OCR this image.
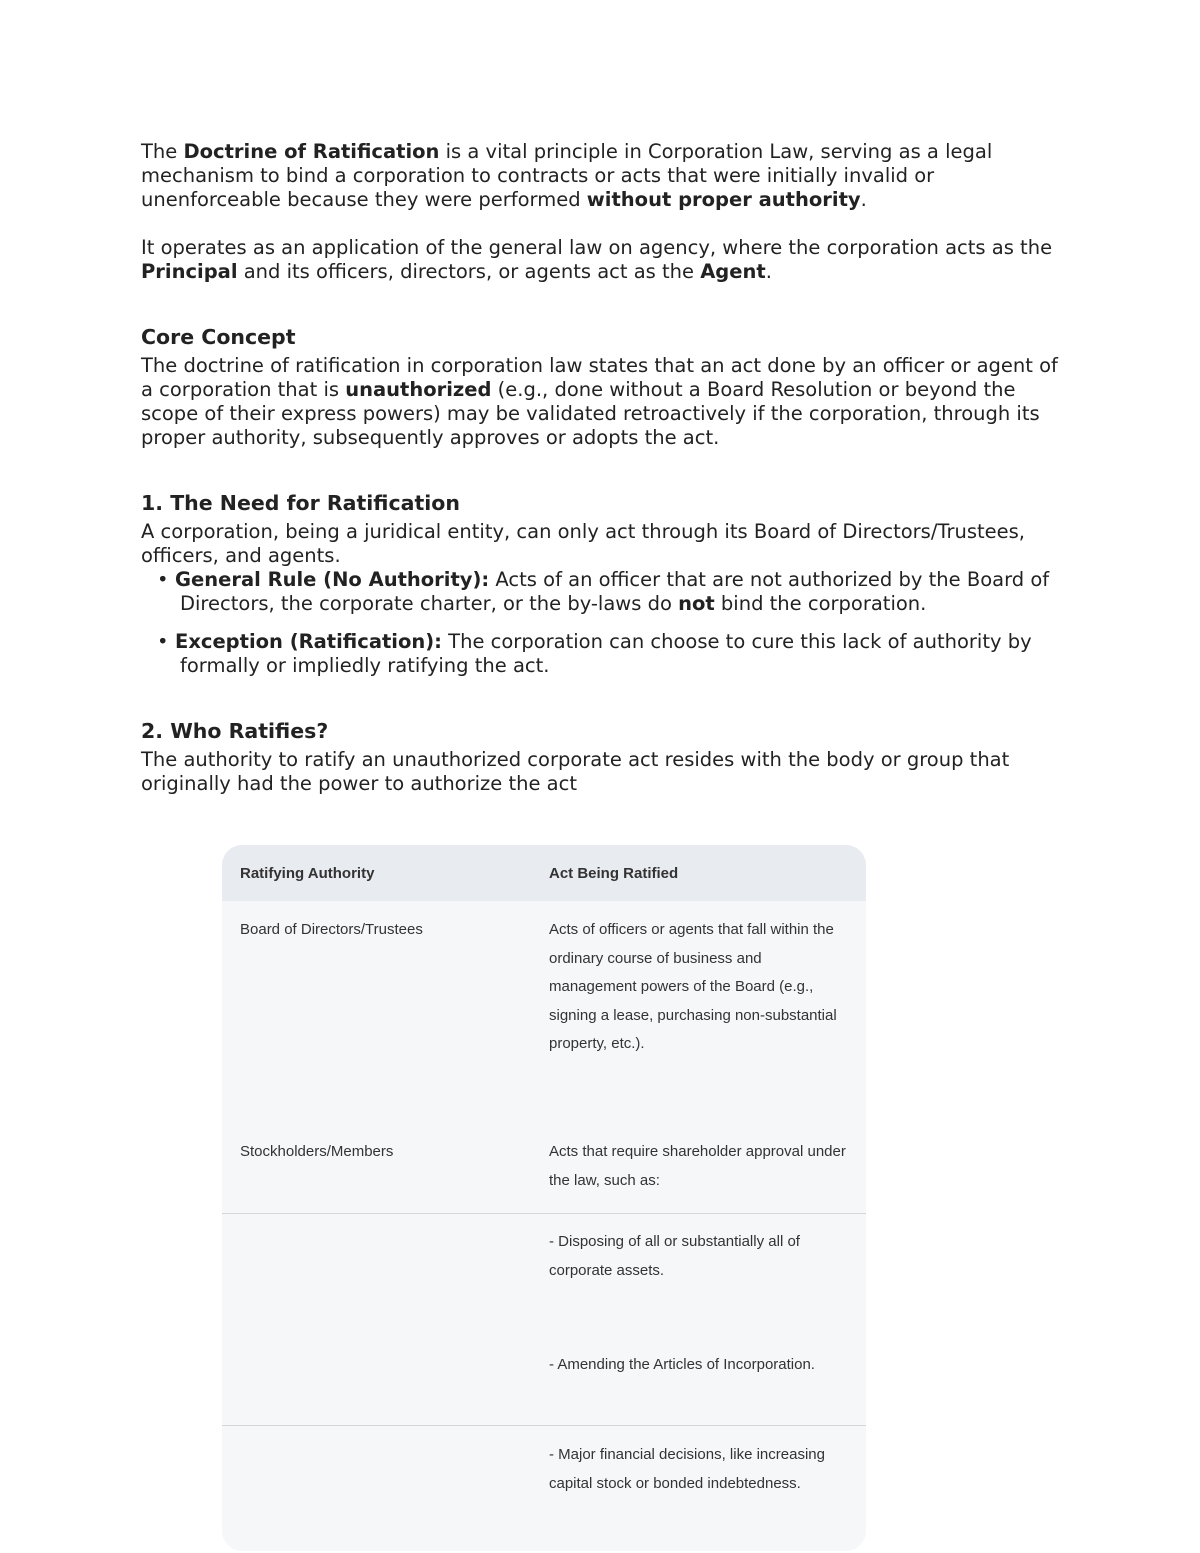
The Doctrine of Ratification is a vital principle in Corporation Law, serving as a legal mechanism to bind a corporation to contracts or acts that were initially invalid or unenforceable because they were performed without proper authority.

It operates as an application of the general law on agency, where the corporation acts as the Principal and its officers, directors, or agents act as the Agent.

Core Concept

The doctrine of ratification in corporation law states that an act done by an officer or agent of a corporation that is unauthorized (e.g., done without a Board Resolution or beyond the scope of their express powers) may be validated retroactively if the corporation, through its proper authority, subsequently approves or adopts the act.

1. The Need for Ratification

A corporation, being a juridical entity, can only act through its Board of Directors/Trustees, officers, and agents.

• General Rule (No Authority): Acts of an officer that are not authorized by the Board of Directors, the corporate charter, or the by-laws do not bind the corporation.
• Exception (Ratification): The corporation can choose to cure this lack of authority by formally or impliedly ratifying the act.

2. Who Ratifies?

The authority to ratify an unauthorized corporate act resides with the body or group that originally had the power to authorize the act

Ratifying Authority	Act Being Ratified
Board of Directors/Trustees	Acts of officers or agents that fall within the ordinary course of business and management powers of the Board (e.g., signing a lease, purchasing non-substantial property, etc.).
Stockholders/Members	Acts that require shareholder approval under the law, such as:
- Disposing of all or substantially all of corporate assets.
- Amending the Articles of Incorporation.
- Major financial decisions, like increasing capital stock or bonded indebtedness.
